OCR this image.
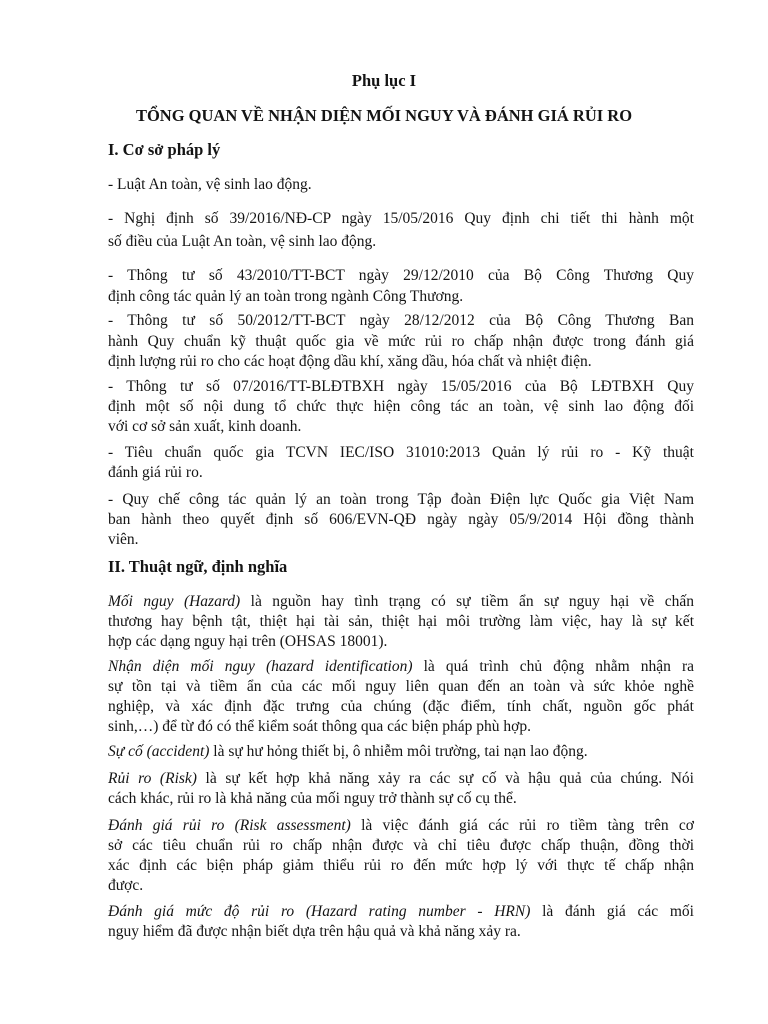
Phụ lục I

TỔNG QUAN VỀ NHẬN DIỆN MỐI NGUY VÀ ĐÁNH GIÁ RỦI RO

I. Cơ sở pháp lý

- Luật An toàn, vệ sinh lao động.

- Nghị định số 39/2016/NĐ-CP ngày 15/05/2016 Quy định chi tiết thi hành một

số điều của Luật An toàn, vệ sinh lao động.

- Thông tư số 43/2010/TT-BCT ngày 29/12/2010 của Bộ Công Thương Quy

định công tác quản lý an toàn trong ngành Công Thương.

- Thông tư số 50/2012/TT-BCT ngày 28/12/2012 của Bộ Công Thương Ban

hành Quy chuẩn kỹ thuật quốc gia về mức rủi ro chấp nhận được trong đánh giá

định lượng rủi ro cho các hoạt động dầu khí, xăng dầu, hóa chất và nhiệt điện.

- Thông tư số 07/2016/TT-BLĐTBXH ngày 15/05/2016 của Bộ LĐTBXH Quy

định một số nội dung tổ chức thực hiện công tác an toàn, vệ sinh lao động đối

với cơ sở sản xuất, kinh doanh.

- Tiêu chuẩn quốc gia TCVN IEC/ISO 31010:2013 Quản lý rủi ro - Kỹ thuật

đánh giá rủi ro.

- Quy chế công tác quản lý an toàn trong Tập đoàn Điện lực Quốc gia Việt Nam

ban hành theo quyết định số 606/EVN-QĐ ngày ngày 05/9/2014 Hội đồng thành

viên.

II. Thuật ngữ, định nghĩa

Mối nguy (Hazard) là nguồn hay tình trạng có sự tiềm ẩn sự nguy hại về chấn

thương hay bệnh tật, thiệt hại tài sản, thiệt hại môi trường làm việc, hay là sự kết

hợp các dạng nguy hại trên (OHSAS 18001).

Nhận diện mối nguy (hazard identification) là quá trình chủ động nhằm nhận ra

sự tồn tại và tiềm ẩn của các mối nguy liên quan đến an toàn và sức khỏe nghề

nghiệp, và xác định đặc trưng của chúng (đặc điểm, tính chất, nguồn gốc phát

sinh,…) để từ đó có thể kiểm soát thông qua các biện pháp phù hợp.

Sự cố (accident) là sự hư hỏng thiết bị, ô nhiễm môi trường, tai nạn lao động.

Rủi ro (Risk) là sự kết hợp khả năng xảy ra các sự cố và hậu quả của chúng. Nói

cách khác, rủi ro là khả năng của mối nguy trở thành sự cố cụ thể.

Đánh giá rủi ro (Risk assessment) là việc đánh giá các rủi ro tiềm tàng trên cơ

sở các tiêu chuẩn rủi ro chấp nhận được và chỉ tiêu được chấp thuận, đồng thời

xác định các biện pháp giảm thiểu rủi ro đến mức hợp lý với thực tế chấp nhận

được.

Đánh giá mức độ rủi ro (Hazard rating number - HRN) là đánh giá các mối

nguy hiểm đã được nhận biết dựa trên hậu quả và khả năng xảy ra.
